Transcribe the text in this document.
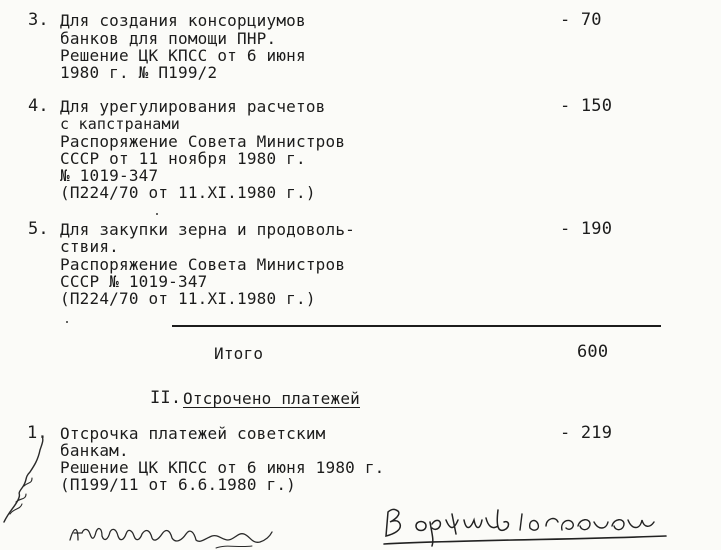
3. Для создания консорциумов
банков для помощи ПНР.
Решение ЦК КПСС от 6 июня
1980 г. № П199/2
- 70
4. Для урегулирования расчетов
с капстранами
Распоряжение Совета Министров
СССР от 11 ноября 1980 г.
№ 1019-347
(П224/70 от 11.XI.1980 г.)
- 150
5. Для закупки зерна и продоволь-
ствия.
Распоряжение Совета Министров
СССР № 1019-347
(П224/70 от 11.XI.1980 г.)
- 190
Итого	600
II. Отсрочено платежей
1. Отсрочка платежей советским
банкам.
Решение ЦК КПСС от 6 июня 1980 г.
(П199/11 от 6.6.1980 г.)
- 219
